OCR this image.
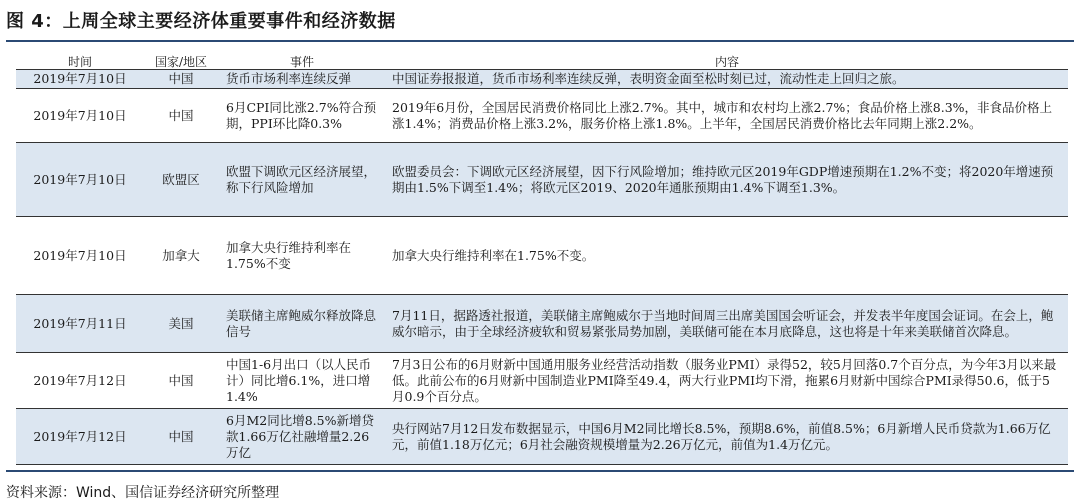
图 4：上周全球主要经济体重要事件和经济数据
时间	国家/地区	事件	内容
2019年7月10日	中国	货币市场利率连续反弹	中国证券报报道，货币市场利率连续反弹，表明资金面至松时刻已过，流动性走上回归之旅。
2019年7月10日	中国	6月CPI同比涨2.7%符合预期，PPI环比降0.3%	2019年6月份，全国居民消费价格同比上涨2.7%。其中，城市和农村均上涨2.7%；食品价格上涨8.3%，非食品价格上涨1.4%；消费品价格上涨3.2%，服务价格上涨1.8%。上半年，全国居民消费价格比去年同期上涨2.2%。
2019年7月10日	欧盟区	欧盟下调欧元区经济展望，称下行风险增加	欧盟委员会：下调欧元区经济展望，因下行风险增加；维持欧元区2019年GDP增速预期在1.2%不变；将2020年增速预期由1.5%下调至1.4%；将欧元区2019、2020年通胀预期由1.4%下调至1.3%。
2019年7月10日	加拿大	加拿大央行维持利率在1.75%不变	加拿大央行维持利率在1.75%不变。
2019年7月11日	美国	美联储主席鲍威尔释放降息信号	7月11日，据路透社报道，美联储主席鲍威尔于当地时间周三出席美国国会听证会，并发表半年度国会证词。在会上，鲍威尔暗示，由于全球经济疲软和贸易紧张局势加剧，美联储可能在本月底降息，这也将是十年来美联储首次降息。
2019年7月12日	中国	中国1-6月出口（以人民币计）同比增6.1%，进口增1.4%	7月3日公布的6月财新中国通用服务业经营活动指数（服务业PMI）录得52，较5月回落0.7个百分点，为今年3月以来最低。此前公布的6月财新中国制造业PMI降至49.4，两大行业PMI均下滑，拖累6月财新中国综合PMI录得50.6，低于5月0.9个百分点。
2019年7月12日	中国	6月M2同比增8.5%新增贷款1.66万亿社融增量2.26万亿	央行网站7月12日发布数据显示，中国6月M2同比增长8.5%，预期8.6%，前值8.5%；6月新增人民币贷款为1.66万亿元，前值1.18万亿元；6月社会融资规模增量为2.26万亿元，前值为1.4万亿元。
资料来源：Wind、国信证券经济研究所整理
